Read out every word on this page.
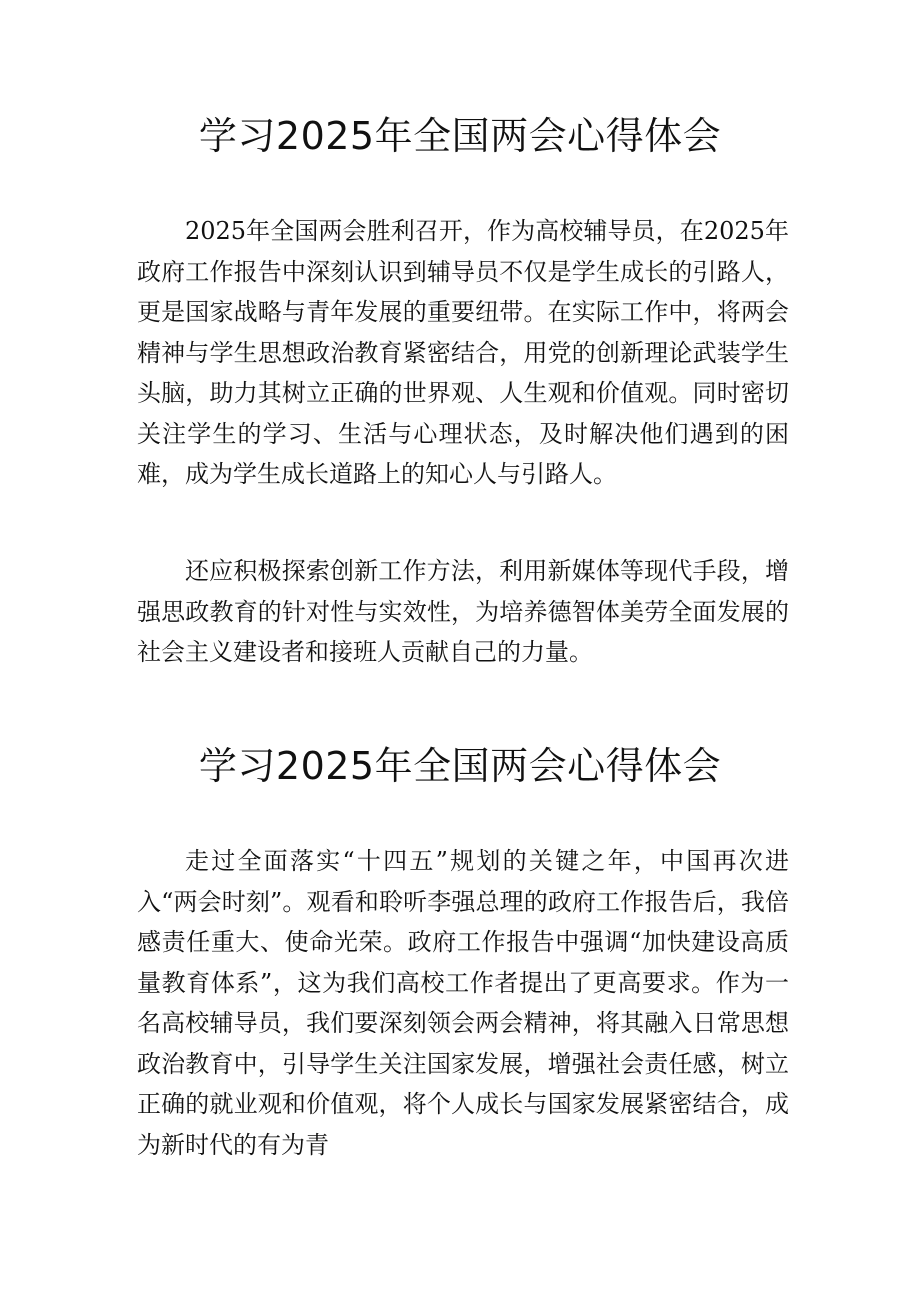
学习2025年全国两会心得体会

2025年全国两会胜利召开，作为高校辅导员，在2025年政府工作报告中深刻认识到辅导员不仅是学生成长的引路人，更是国家战略与青年发展的重要纽带。在实际工作中，将两会精神与学生思想政治教育紧密结合，用党的创新理论武装学生头脑，助力其树立正确的世界观、人生观和价值观。同时密切关注学生的学习、生活与心理状态，及时解决他们遇到的困难，成为学生成长道路上的知心人与引路人。

还应积极探索创新工作方法，利用新媒体等现代手段，增强思政教育的针对性与实效性，为培养德智体美劳全面发展的社会主义建设者和接班人贡献自己的力量。

学习2025年全国两会心得体会

走过全面落实“十四五”规划的关键之年，中国再次进入“两会时刻”。观看和聆听李强总理的政府工作报告后，我倍感责任重大、使命光荣。政府工作报告中强调“加快建设高质量教育体系”，这为我们高校工作者提出了更高要求。作为一名高校辅导员，我们要深刻领会两会精神，将其融入日常思想政治教育中，引导学生关注国家发展，增强社会责任感，树立正确的就业观和价值观，将个人成长与国家发展紧密结合，成为新时代的有为青
